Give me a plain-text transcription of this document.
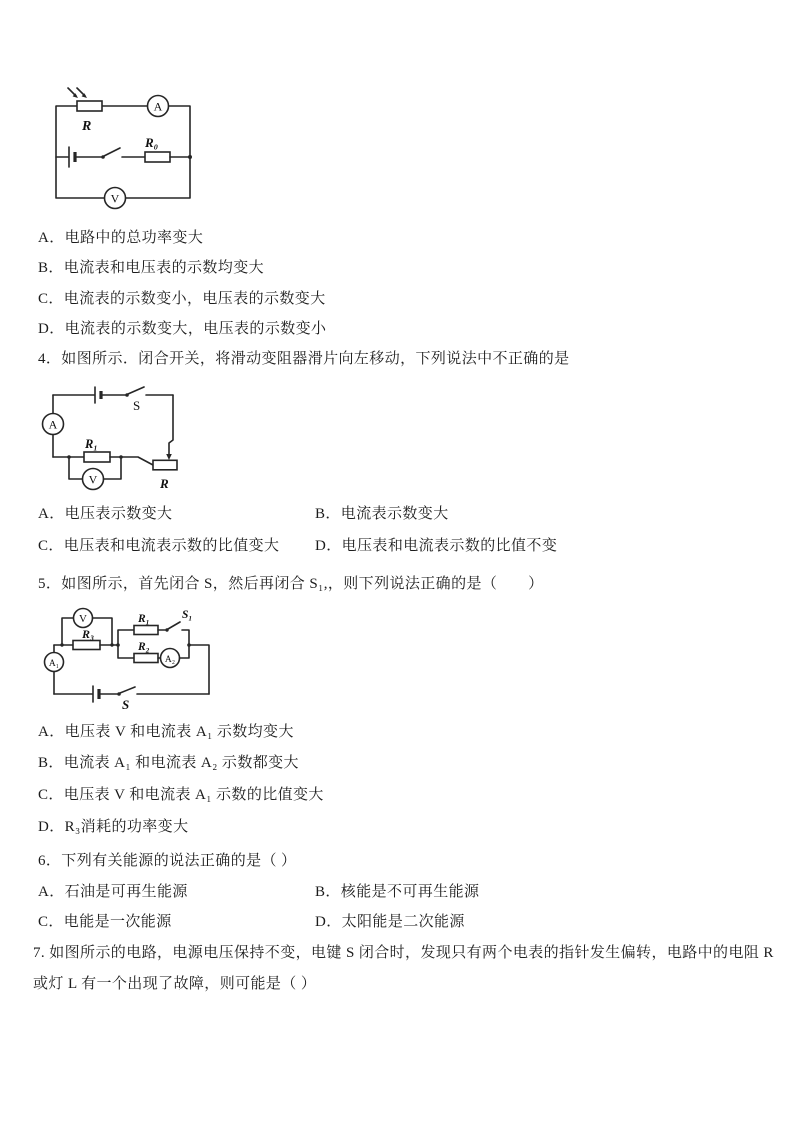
R₀
R
A
V
A．电路中的总功率变大
B．电流表和电压表的示数均变大
C．电流表的示数变小，电压表的示数变大
D．电流表的示数变大，电压表的示数变小
4．如图所示．闭合开关，将滑动变阻器滑片向左移动，下列说法中不正确的是
S
A
R₁
V	R
A．电压表示数变大	B．电流表示数变大
C．电压表和电流表示数的比值变大 D．电压表和电流表示数的比值不变
5．如图所示，首先闭合 S，然后再闭合 S₁,，则下列说法正确的是（　　）
A₁
R₃
V	R₁	S₁
R₂
A₂
S
A．电压表 V 和电流表 A₁ 示数均变大
B．电流表 A₁ 和电流表 A₂ 示数都变大
C．电压表 V 和电流表 A₁ 示数的比值变大
D．R₃消耗的功率变大
6．下列有关能源的说法正确的是（ ）
A．石油是可再生能源	B．核能是不可再生能源
C．电能是一次能源	D．太阳能是二次能源
7. 如图所示的电路，电源电压保持不变，电键 S 闭合时，发现只有两个电表的指针发生偏转，电路中的电阻 R 或灯 L 有一个出现了故障，则可能是（ ）
